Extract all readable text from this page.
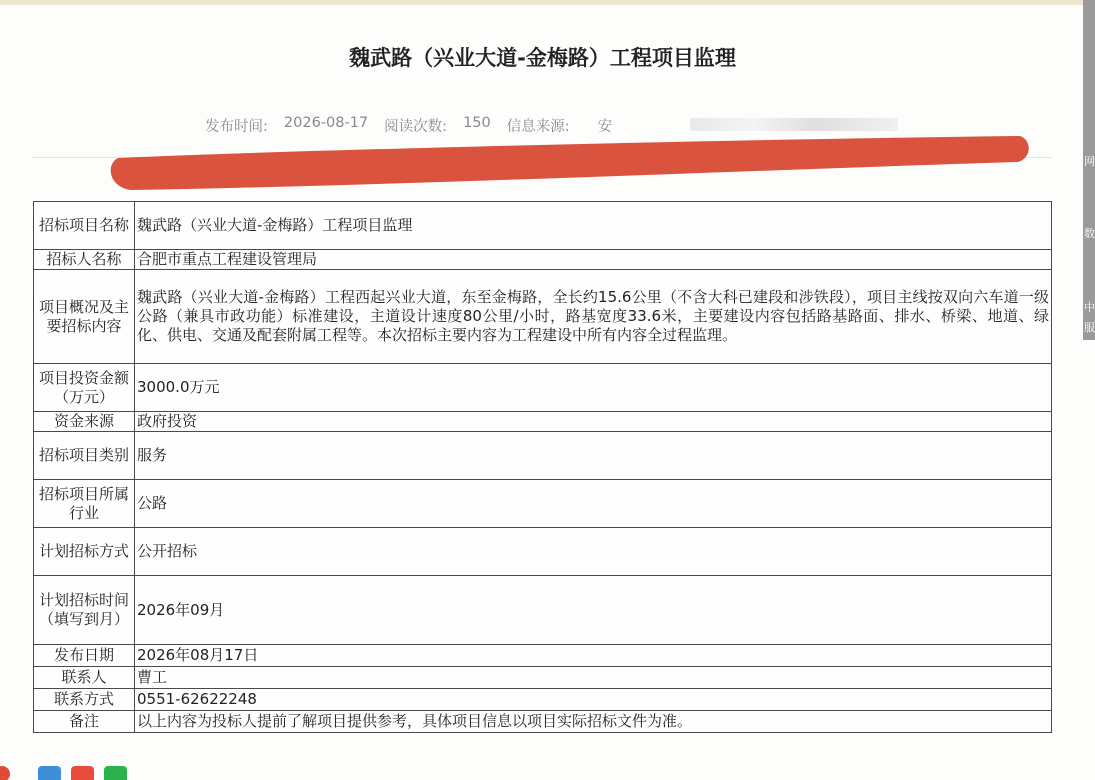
魏武路（兴业大道-金梅路）工程项目监理
发布时间: 2026-08-17 阅读次数: 150 信息来源: 安
招标项目名称	魏武路（兴业大道-金梅路）工程项目监理
招标人名称	合肥市重点工程建设管理局
项目概况及主要招标内容	魏武路（兴业大道-金梅路）工程西起兴业大道，东至金梅路，全长约15.6公里（不含大科已建段和涉铁段），项目主线按双向六车道一级公路（兼具市政功能）标准建设，主道设计速度80公里/小时，路基宽度33.6米，主要建设内容包括路基路面、排水、桥梁、地道、绿化、供电、交通及配套附属工程等。本次招标主要内容为工程建设中所有内容全过程监理。
项目投资金额（万元）	3000.0万元
资金来源	政府投资
招标项目类别	服务
招标项目所属行业	公路
计划招标方式	公开招标
计划招标时间（填写到月）	2026年09月
发布日期	2026年08月17日
联系人	曹工
联系方式	0551-62622248
备注	以上内容为投标人提前了解项目提供参考，具体项目信息以项目实际招标文件为准。
网
数
中
服
